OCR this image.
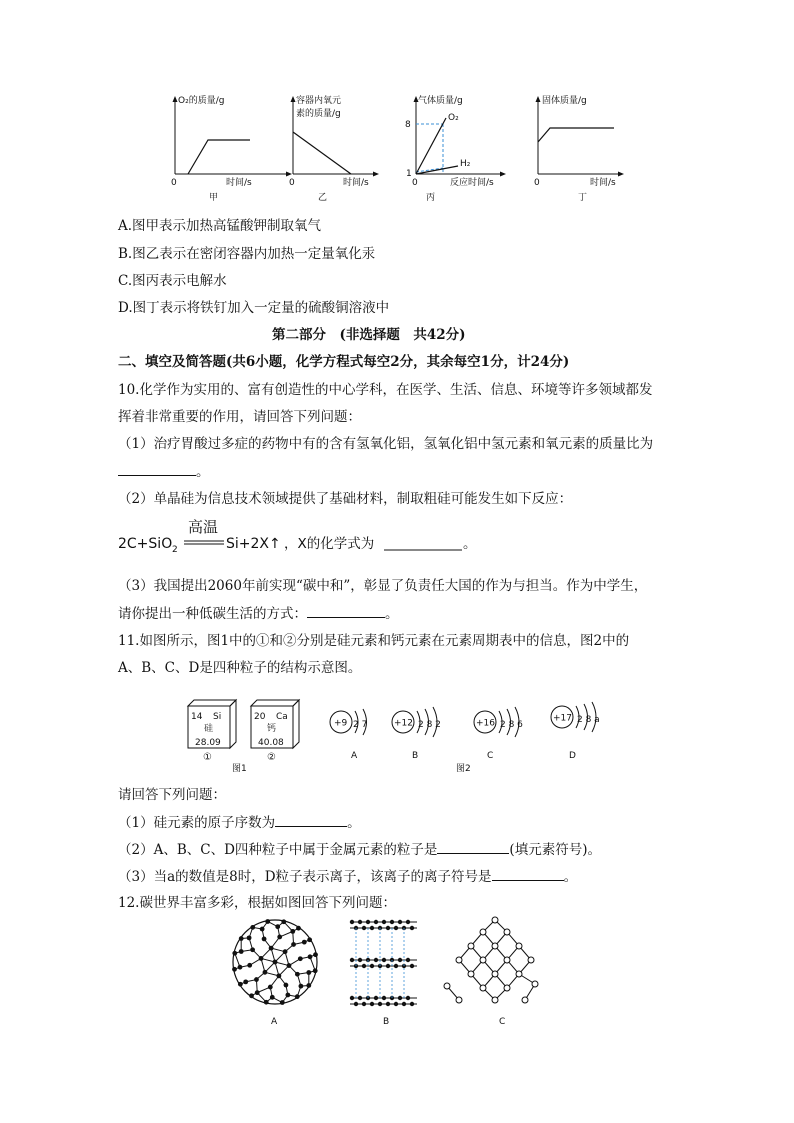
O₂的质量/g
0	时间/s
甲
容器内氧元
素的质量/g
0	时间/s
乙
气体质量/g
8
1
O₂
H₂
0	反应时间/s
丙
固体质量/g
0	时间/s
丁
A.图甲表示加热高锰酸钾制取氧气
B.图乙表示在密闭容器内加热一定量氧化汞
C.图丙表示电解水
D.图丁表示将铁钉加入一定量的硫酸铜溶液中
第二部分　(非选择题　共42分)
二、填空及简答题(共6小题，化学方程式每空2分，其余每空1分，计24分)
10.化学作为实用的、富有创造性的中心学科，在医学、生活、信息、环境等许多领域都发
挥着非常重要的作用，请回答下列问题：
（1）治疗胃酸过多症的药物中有的含有氢氧化铝，氢氧化铝中氢元素和氧元素的质量比为
。
（2）单晶硅为信息技术领域提供了基础材料，制取粗硅可能发生如下反应：
2C+SiO 2
高温
Si+2X↑ ，X的化学式为	。
（3）我国提出2060年前实现“碳中和”，彰显了负责任大国的作为与担当。作为中学生，
请你提出一种低碳生活的方式：	。
11.如图所示，图1中的①和②分别是硅元素和钙元素在元素周期表中的信息，图2中的
A、B、C、D是四种粒子的结构示意图。
14 Si
硅
28.09
①
20 Ca
钙
40.08
②
图1
+9 2 7
A
+12 2 8 2
B
+16 2 8 6
C
+17 2 8 a
D
图2
请回答下列问题：
（1）硅元素的原子序数为	。
（2）A、B、C、D四种粒子中属于金属元素的粒子是	(填元素符号)。
（3）当a的数值是8时，D粒子表示离子，该离子的离子符号是	。
12.碳世界丰富多彩，根据如图回答下列问题：
A	B	C
